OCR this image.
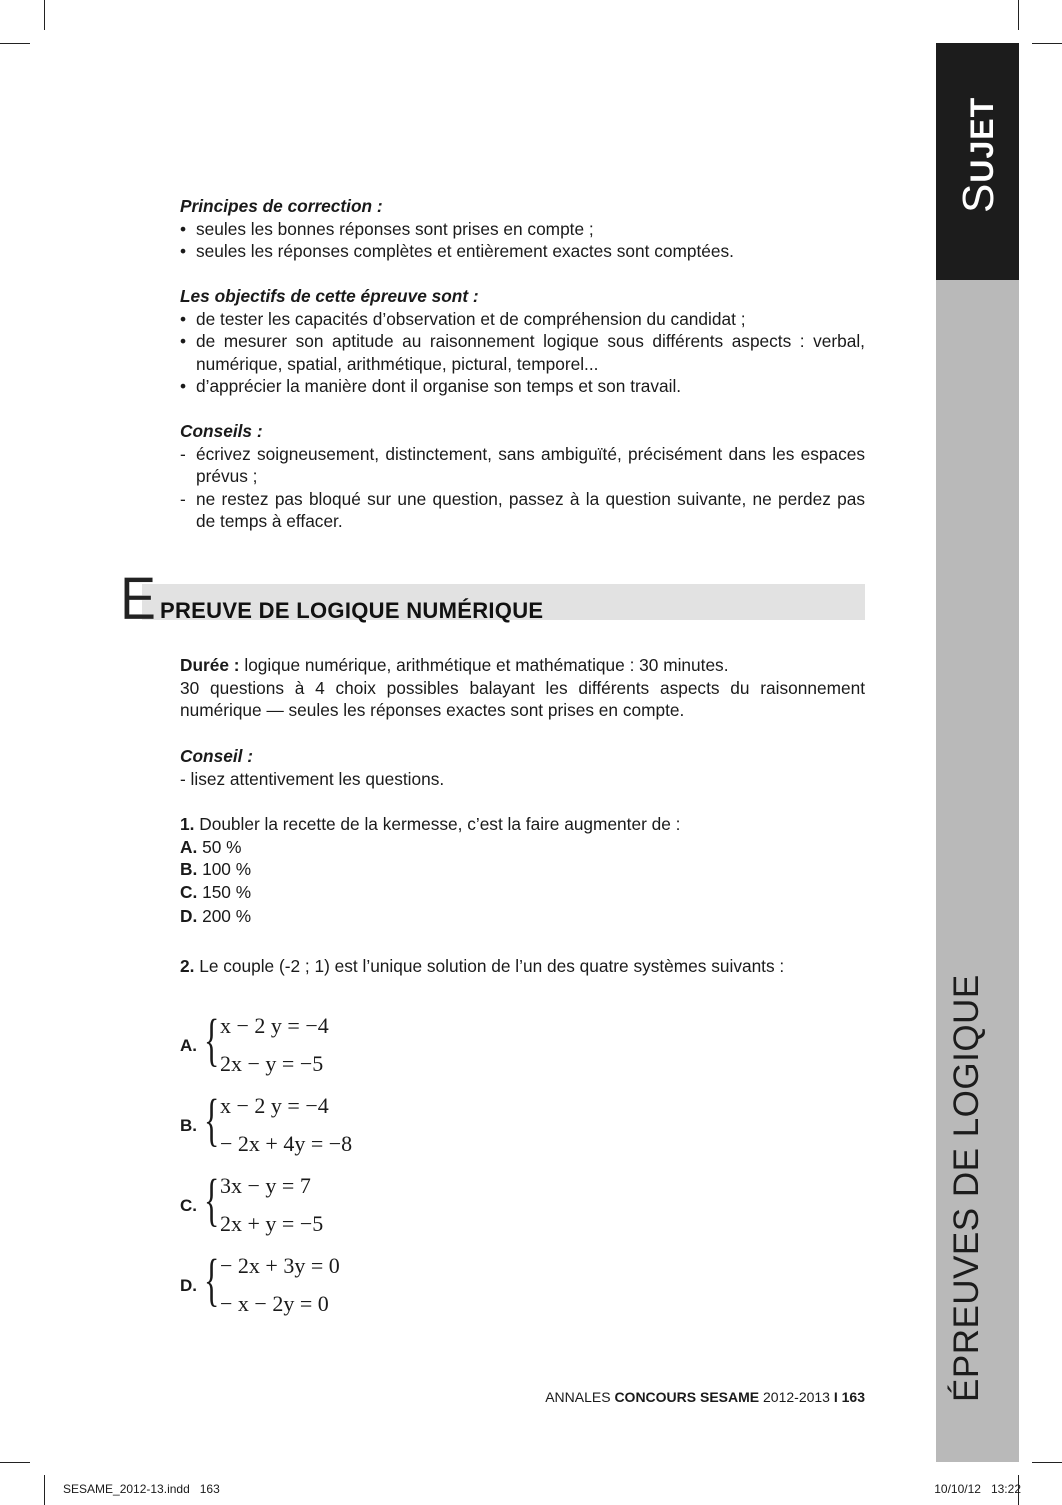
SUJET
ÉPREUVES DE LOGIQUE

Principes de correction :

• seules les bonnes réponses sont prises en compte ;
• seules les réponses complètes et entièrement exactes sont comptées.

Les objectifs de cette épreuve sont :

• de tester les capacités d’observation et de compréhension du candidat ;
• de mesurer son aptitude au raisonnement logique sous différents aspects : verbal, numérique, spatial, arithmétique, pictural, temporel...
• d’apprécier la manière dont il organise son temps et son travail.

Conseils :

- écrivez soigneusement, distinctement, sans ambiguïté, précisément dans les espaces prévus ;
- ne restez pas bloqué sur une question, passez à la question suivante, ne perdez pas de temps à effacer.
E PREUVE DE LOGIQUE NUMÉRIQUE

Durée : logique numérique, arithmétique et mathématique : 30 minutes.

30 questions à 4 choix possibles balayant les différents aspects du raisonnement numérique — seules les réponses exactes sont prises en compte.

Conseil :

- lisez attentivement les questions.

1. Doubler la recette de la kermesse, c’est la faire augmenter de :

A. 50 %

B. 100 %

C. 150 %

D. 200 %

2. Le couple (-2 ; 1) est l’unique solution de l’un des quatre systèmes suivants :

A. { x − 2 y = −4
2x − y = −5
B. { x − 2 y = −4
− 2x + 4y = −8
C. { 3x − y = 7
2x + y = −5
D. { − 2x + 3y = 0
− x − 2y = 0
ANNALES CONCOURS SESAME 2012-2013 I 163
SESAME_2012-13.indd   163	10/10/12   13:22
